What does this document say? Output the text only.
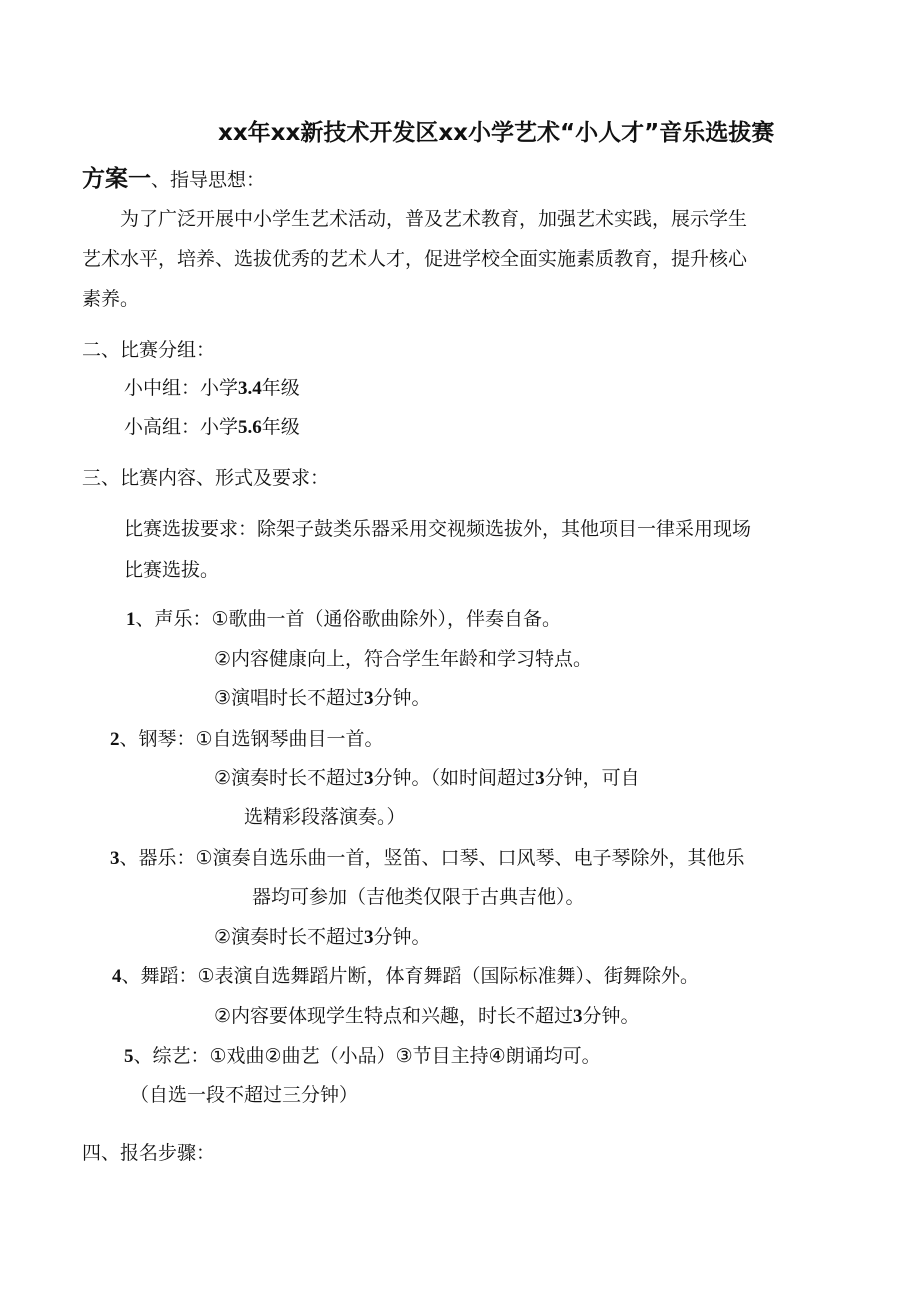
xx年xx新技术开发区xx小学艺术“小人才”音乐选拔赛
方案一、指导思想：
为了广泛开展中小学生艺术活动，普及艺术教育，加强艺术实践，展示学生
艺术水平，培养、选拔优秀的艺术人才，促进学校全面实施素质教育，提升核心
素养。
二、比赛分组：
小中组：小学3.4年级
小高组：小学5.6年级
三、比赛内容、形式及要求：
比赛选拔要求：除架子鼓类乐器采用交视频选拔外，其他项目一律采用现场
比赛选拔。
1、声乐：①歌曲一首（通俗歌曲除外），伴奏自备。
②内容健康向上，符合学生年龄和学习特点。
③演唱时长不超过3分钟。
2、钢琴：①自选钢琴曲目一首。
②演奏时长不超过3分钟。（如时间超过3分钟，可自
选精彩段落演奏。）
3、器乐：①演奏自选乐曲一首，竖笛、口琴、口风琴、电子琴除外，其他乐
器均可参加（吉他类仅限于古典吉他）。
②演奏时长不超过3分钟。
4、舞蹈：①表演自选舞蹈片断，体育舞蹈（国际标准舞）、街舞除外。
②内容要体现学生特点和兴趣，时长不超过3分钟。
5、综艺：①戏曲②曲艺（小品）③节目主持④朗诵均可。
（自选一段不超过三分钟）
四、报名步骤：
